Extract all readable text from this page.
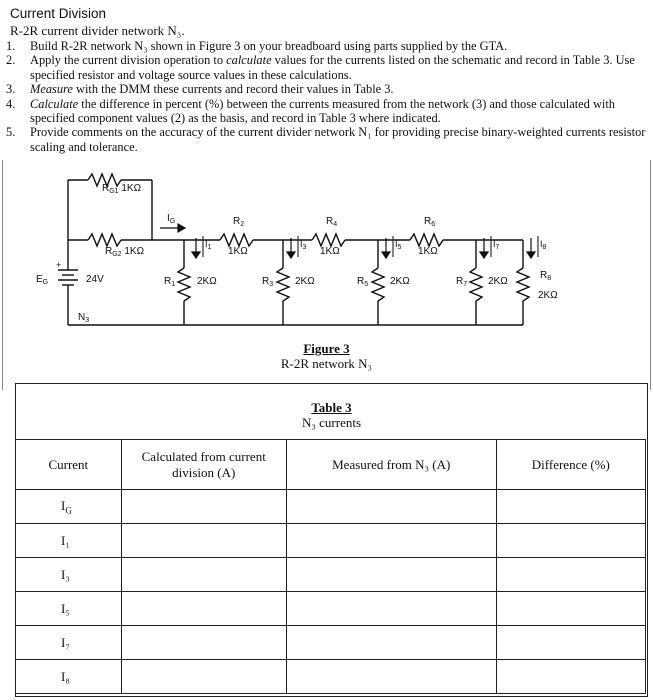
Current Division
R-2R current divider network N₃.
1.	Build R-2R network N₃ shown in Figure 3 on your breadboard using parts supplied by the GTA.
2.	Apply the current division operation to calculate values for the currents listed on the schematic and record in Table 3. Use specified resistor and voltage source values in these calculations.
3.	Measure with the DMM these currents and record their values in Table 3.
4.	Calculate the difference in percent (%) between the currents measured from the network (3) and those calculated with specified component values (2) as the basis, and record in Table 3 where indicated.
5.	Provide comments on the accuracy of the current divider network N₁ for providing precise binary-weighted currents resistor scaling and tolerance.
$R_{G1}$ 1KΩ
$R_{G2}$ 1KΩ
$I_G$
$E_G$
+
24V
$N_3$
$R_2$
1KΩ
$R_4$
1KΩ
$R_6$
1KΩ
$R_1$ 2KΩ	$R_3$ 2KΩ	$R_5$ 2KΩ	$R_7$ 2KΩ
$R_8$
2KΩ
$I_1$	$I_3$	$I_5$	$I_7$	$I_8$
Figure 3
R-2R network N₃
Table 3
N₃ currents
Current	Calculated from current division (A)	Measured from N₃ (A)	Difference (%)
$I_G$			
I₁			
I₃			
I₅			
I₇			
I₈			
